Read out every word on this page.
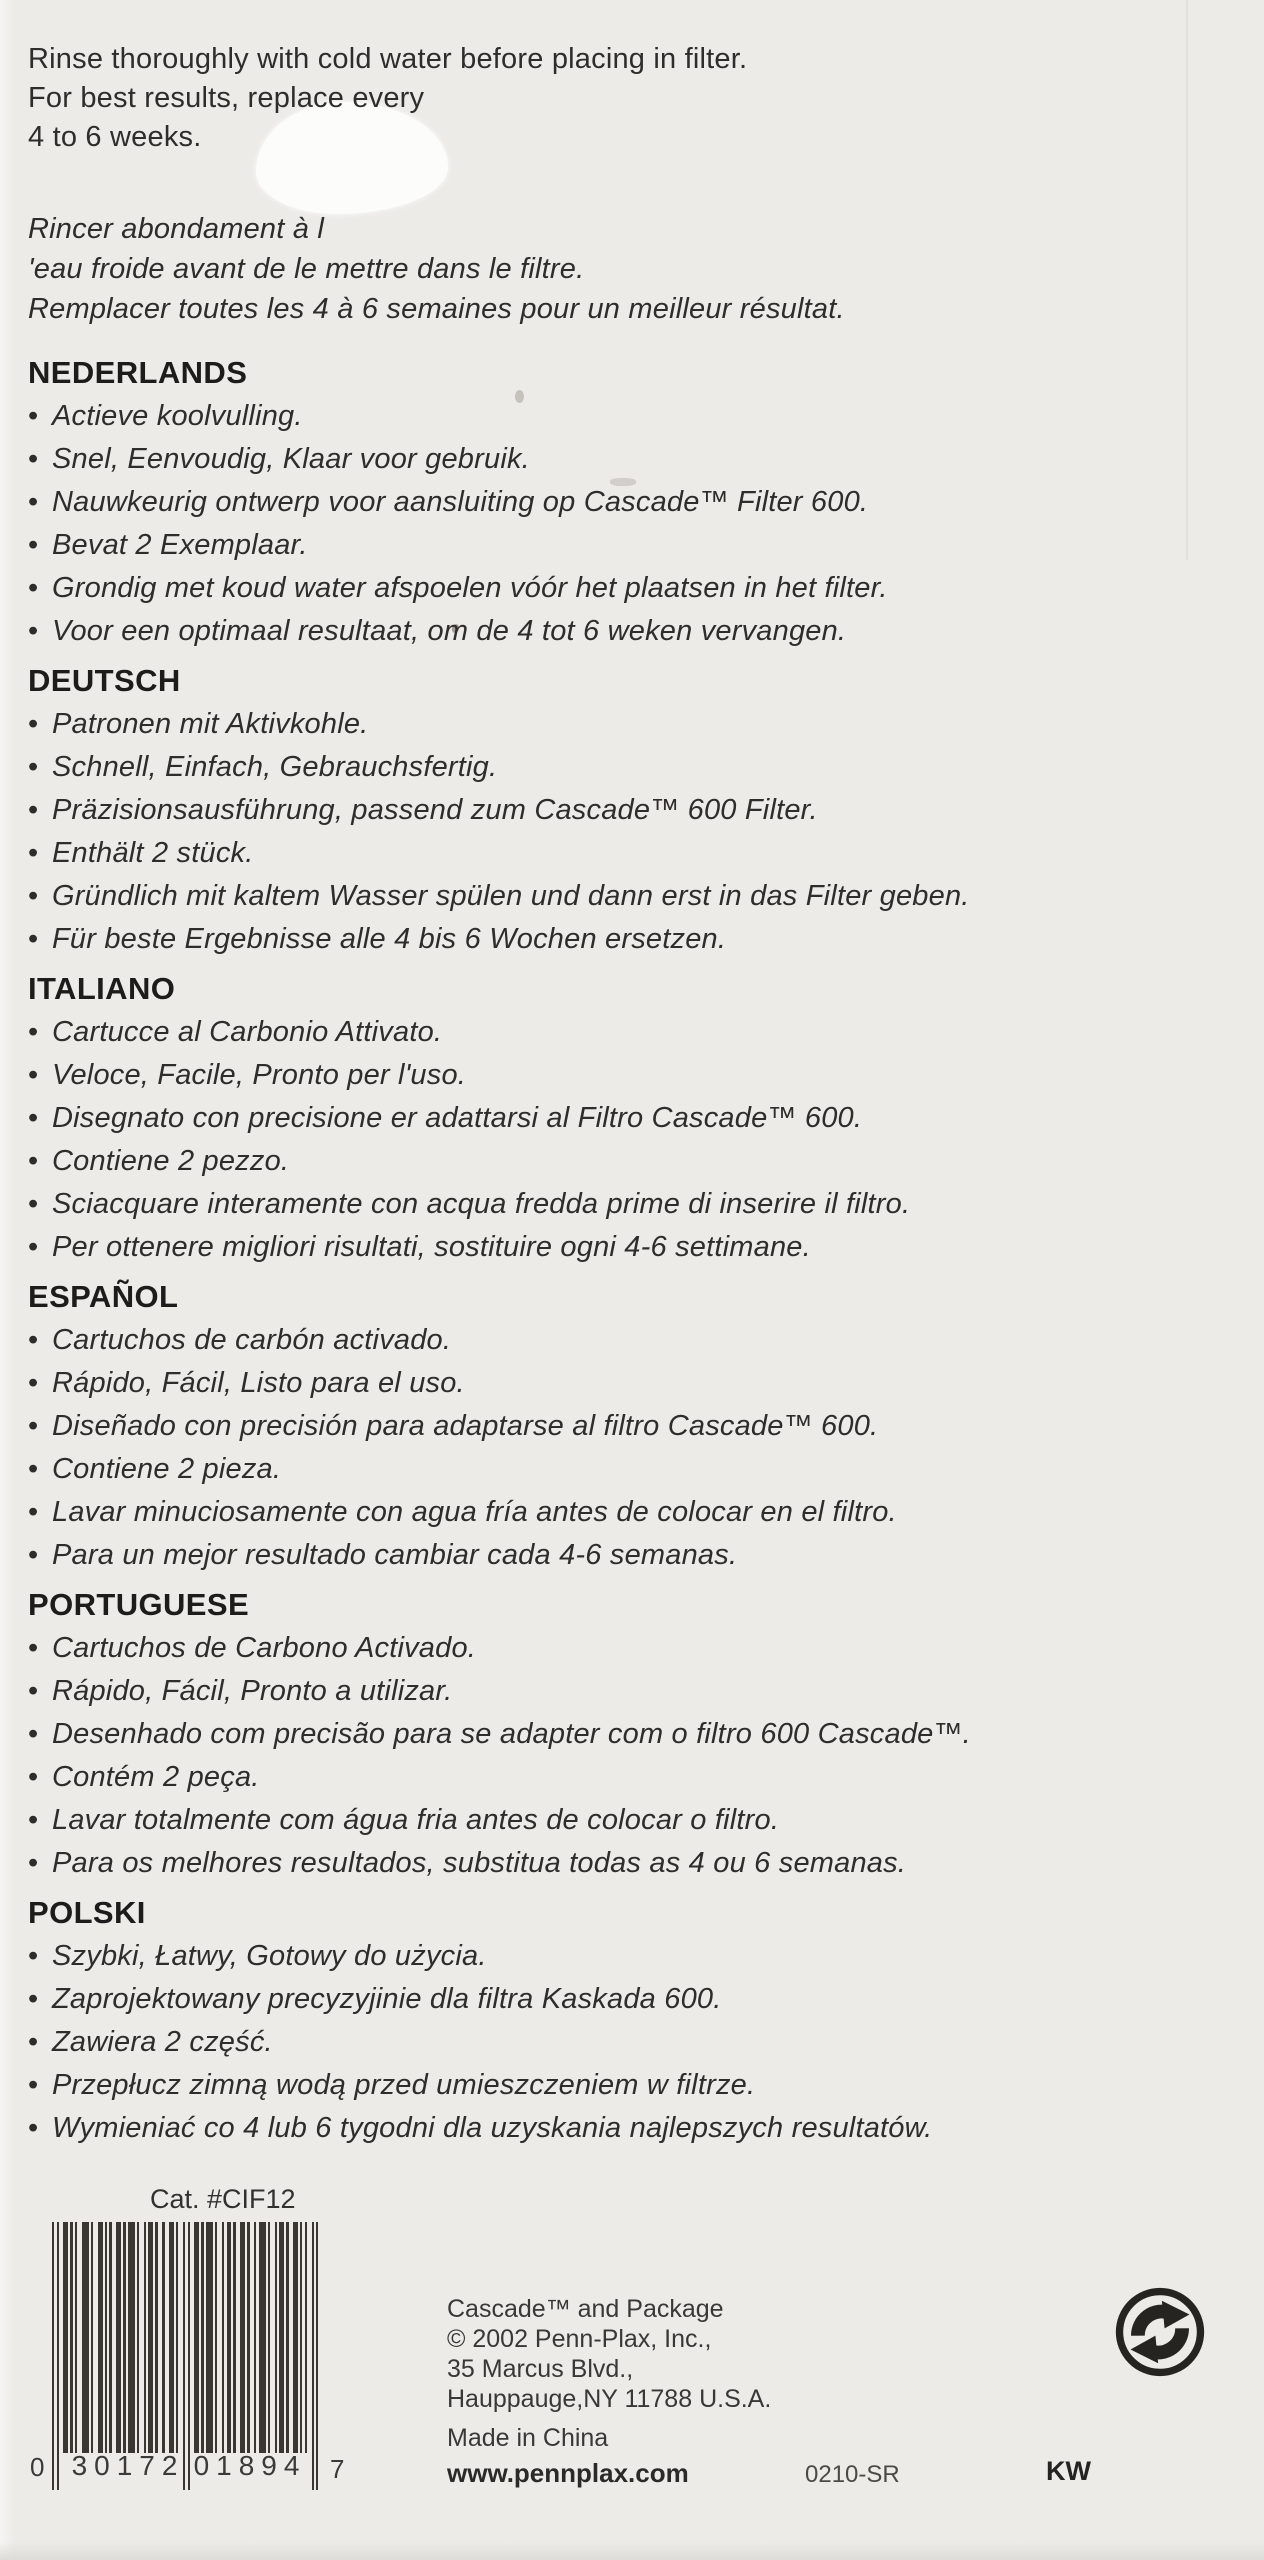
Rinse thoroughly with cold water before placing in filter.
For best results, replace every
4 to 6 weeks.
Rincer abondament à l
'eau froide avant de le mettre dans le filtre.
Remplacer toutes les 4 à 6 semaines pour un meilleur résultat.
NEDERLANDS
• Actieve koolvulling.
• Snel, Eenvoudig, Klaar voor gebruik.
• Nauwkeurig ontwerp voor aansluiting op Cascade™ Filter 600.
• Bevat 2 Exemplaar.
• Grondig met koud water afspoelen vóór het plaatsen in het filter.
• Voor een optimaal resultaat, om de 4 tot 6 weken vervangen.
DEUTSCH
• Patronen mit Aktivkohle.
• Schnell, Einfach, Gebrauchsfertig.
• Präzisionsausführung, passend zum Cascade™ 600 Filter.
• Enthält 2 stück.
• Gründlich mit kaltem Wasser spülen und dann erst in das Filter geben.
• Für beste Ergebnisse alle 4 bis 6 Wochen ersetzen.
ITALIANO
• Cartucce al Carbonio Attivato.
• Veloce, Facile, Pronto per l'uso.
• Disegnato con precisione er adattarsi al Filtro Cascade™ 600.
• Contiene 2 pezzo.
• Sciacquare interamente con acqua fredda prime di inserire il filtro.
• Per ottenere migliori risultati, sostituire ogni 4-6 settimane.
ESPAÑOL
• Cartuchos de carbón activado.
• Rápido, Fácil, Listo para el uso.
• Diseñado con precisión para adaptarse al filtro Cascade™ 600.
• Contiene 2 pieza.
• Lavar minuciosamente con agua fría antes de colocar en el filtro.
• Para un mejor resultado cambiar cada 4-6 semanas.
PORTUGUESE
• Cartuchos de Carbono Activado.
• Rápido, Fácil, Pronto a utilizar.
• Desenhado com precisão para se adapter com o filtro 600 Cascade™.
• Contém 2 peça.
• Lavar totalmente com água fria antes de colocar o filtro.
• Para os melhores resultados, substitua todas as 4 ou 6 semanas.
POLSKI
• Szybki, Łatwy, Gotowy do użycia.
• Zaprojektowany precyzyjinie dla filtra Kaskada 600.
• Zawiera 2 część.
• Przepłucz zimną wodą przed umieszczeniem w filtrze.
• Wymieniać co 4 lub 6 tygodni dla uzyskania najlepszych resultatów.
Cat. #CIF12
0 30172 01894 7
Cascade™ and Package
© 2002 Penn-Plax, Inc.,
35 Marcus Blvd.,
Hauppauge,NY 11788 U.S.A.
Made in China
www.pennplax.com	0210-SR	KW
